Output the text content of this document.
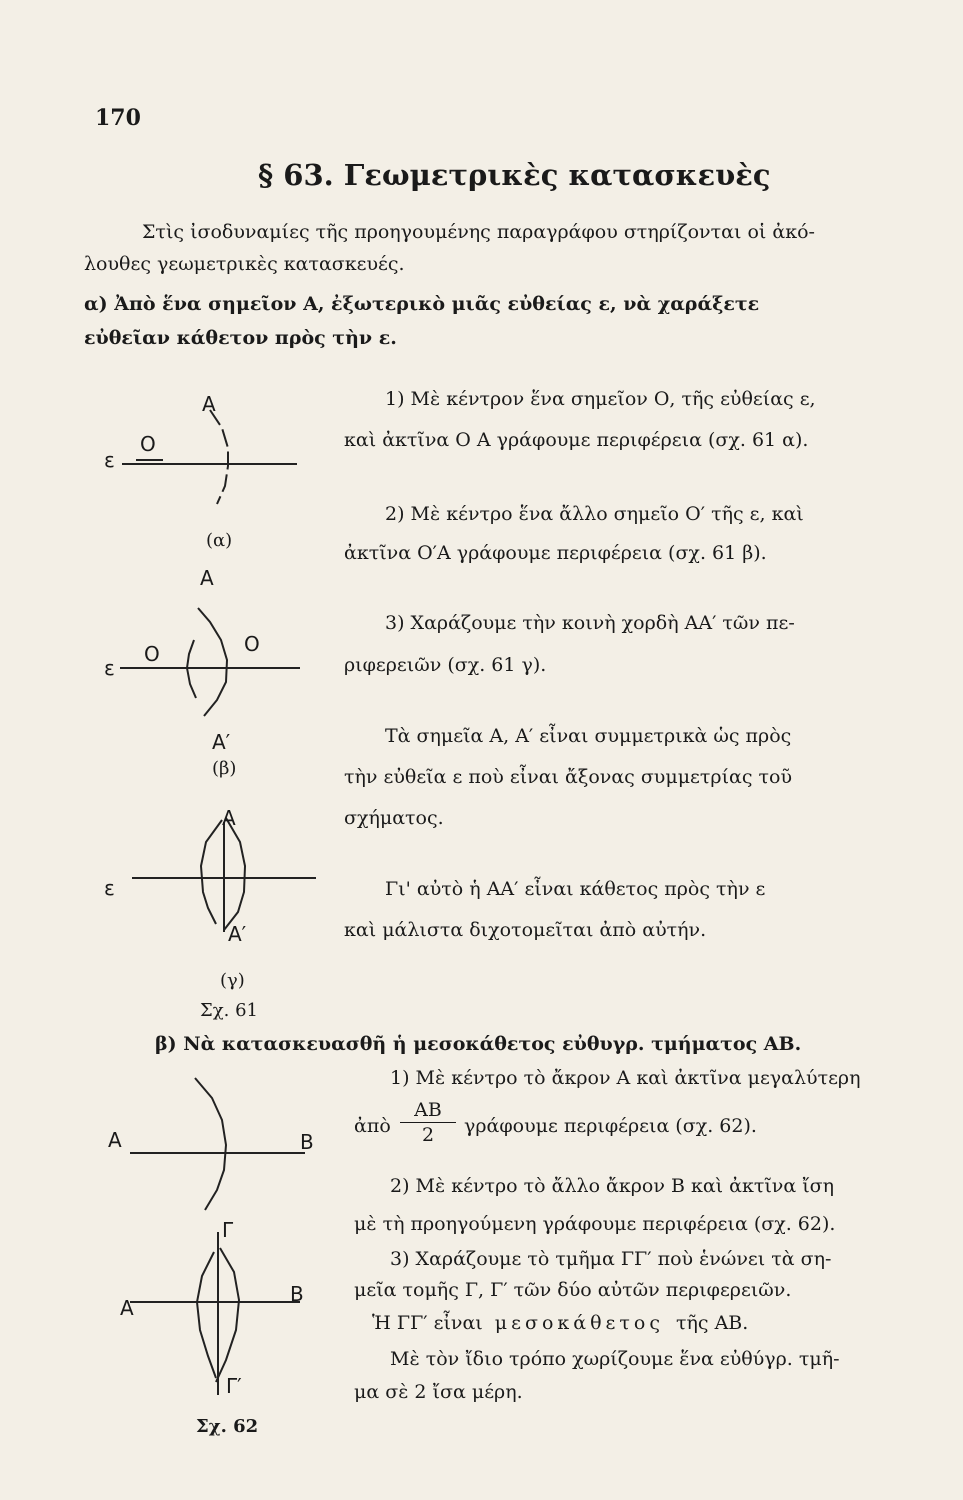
170
§ 63. Γεωμετρικὲς κατασκευὲς
Στὶς ἰσοδυναμίες τῆς προηγουμένης παραγράφου στηρίζονται οἱ ἀκό-
λουθες γεωμετρικὲς κατασκευές.
α) Ἀπὸ ἕνα σημεῖον Α, ἐξωτερικὸ μιᾶς εὐθείας ε, νὰ χαράξετε
εὐθεῖαν κάθετον πρὸς τὴν ε.
1) Μὲ κέντρον ἕνα σημεῖον Ο, τῆς εὐθείας ε,
καὶ ἀκτῖνα Ο Α γράφουμε περιφέρεια (σχ. 61 α).
2) Μὲ κέντρο ἕνα ἄλλο σημεῖο Ο′ τῆς ε, καὶ
ἀκτῖνα Ο′Α γράφουμε περιφέρεια (σχ. 61 β).
3) Χαράζουμε τὴν κοινὴ χορδὴ ΑΑ′ τῶν πε-
ριφερειῶν (σχ. 61 γ).
Τὰ σημεῖα Α, Α′ εἶναι συμμετρικὰ ὡς πρὸς
τὴν εὐθεῖα ε ποὺ εἶναι ἄξονας συμμετρίας τοῦ
σχήματος.
Γι' αὐτὸ ἡ ΑΑ′ εἶναι κάθετος πρὸς τὴν ε
καὶ μάλιστα διχοτομεῖται ἀπὸ αὐτήν.
β) Νὰ κατασκευασθῆ ἡ μεσοκάθετος εὐθυγρ. τμήματος ΑΒ.
1) Μὲ κέντρο τὸ ἄκρον Α καὶ ἀκτῖνα μεγαλύτερη
ἀπὸ $\frac{AB}{2}$ γράφουμε περιφέρεια (σχ. 62).
2) Μὲ κέντρο τὸ ἄλλο ἄκρον Β καὶ ἀκτῖνα ἴση
μὲ τὴ προηγούμενη γράφουμε περιφέρεια (σχ. 62).
3) Χαράζουμε τὸ τμῆμα ΓΓ′ ποὺ ἑνώνει τὰ ση-
μεῖα τομῆς Γ, Γ′ τῶν δύο αὐτῶν περιφερειῶν.
Ἡ ΓΓ′ εἶναι μεσοκάθετος τῆς ΑΒ.
Μὲ τὸν ἴδιο τρόπο χωρίζουμε ἕνα εὐθύγρ. τμῆ-
μα σὲ 2 ἴσα μέρη.
A
ε
O
(α)
A
ε
O	O
A′
(β)
A
ε
A′
(γ)
Σχ. 61
A	B
Γ
A
B
Γ′
Σχ. 62
